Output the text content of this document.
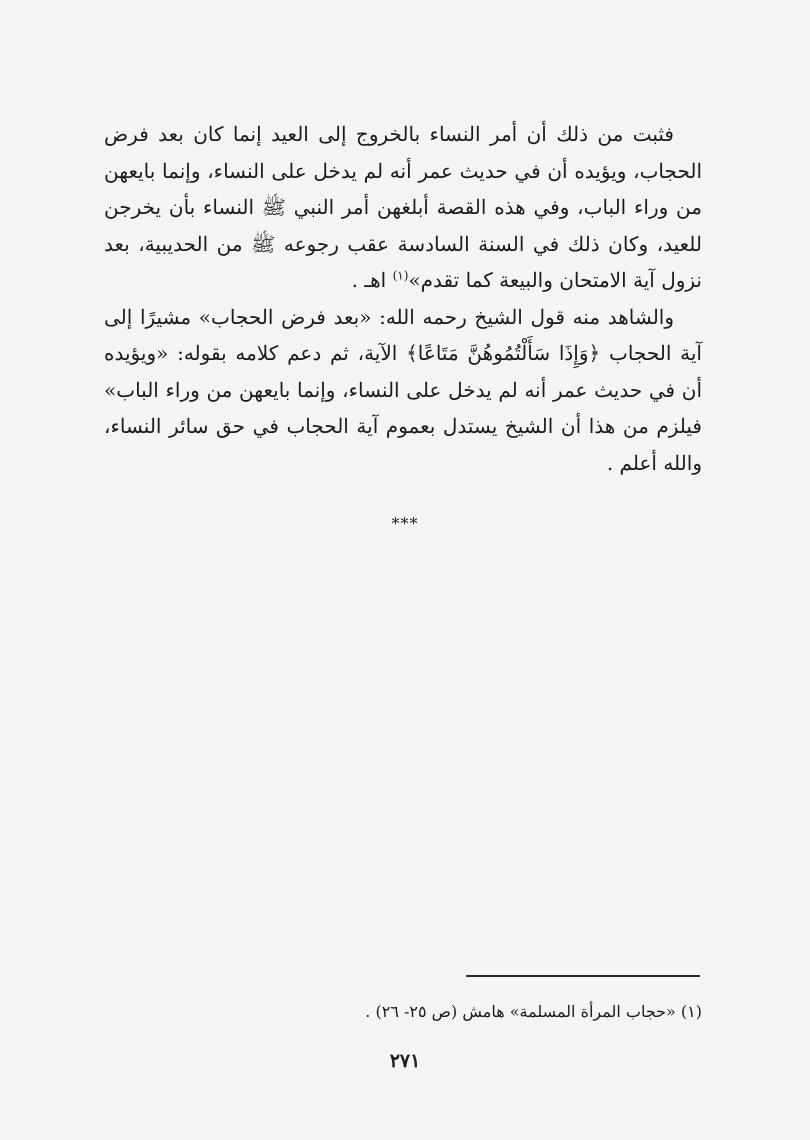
فثبت من ذلك أن أمر النساء بالخروج إلى العيد إنما كان بعد فرض الحجاب، ويؤيده أن في حديث عمر أنه لم يدخل على النساء، وإنما بايعهن من وراء الباب، وفي هذه القصة أبلغهن أمر النبي ﷺ النساء بأن يخرجن للعيد، وكان ذلك في السنة السادسة عقب رجوعه ﷺ من الحديبية، بعد نزول آية الامتحان والبيعة كما تقدم»$^{(١)}$ اهـ .

والشاهد منه قول الشيخ رحمه الله: «بعد فرض الحجاب» مشيرًا إلى آية الحجاب ﴿وَإِذَا سَأَلْتُمُوهُنَّ مَتَاعًا﴾ الآية، ثم دعم كلامه بقوله: «ويؤيده أن في حديث عمر أنه لم يدخل على النساء، وإنما بايعهن من وراء الباب» فيلزم من هذا أن الشيخ يستدل بعموم آية الحجاب في حق سائر النساء، والله أعلم .

***
(١) «حجاب المرأة المسلمة» هامش (ص ٢٥- ٢٦) .
٢٧١
